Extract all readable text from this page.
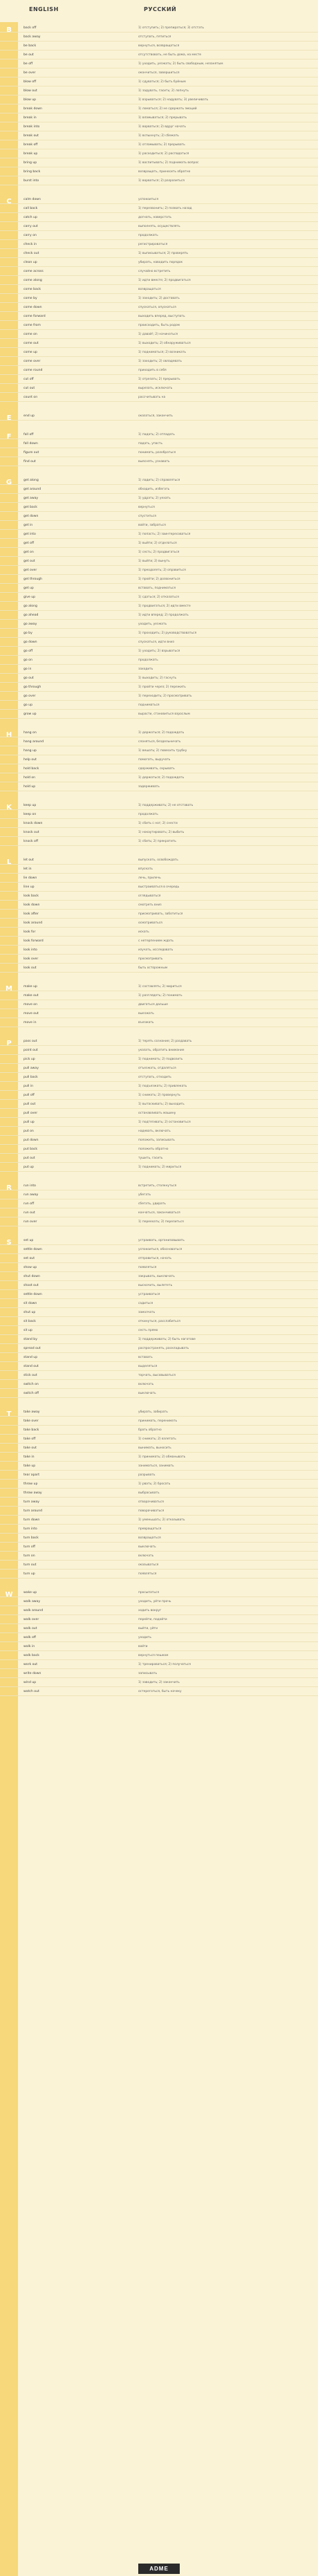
ENGLISH	РУССКИЙ
B	back off	1) отступить; 2) препираться; 3) отстать
back away	отступать, пятиться
be back	вернуться, возвращаться
be out	отсутствовать, не быть дома, на месте
be off	1) уходить, уезжать; 2) быть свободным, незанятым
be over	окончиться, завершиться
blow off	1) сдуваться; 2) быть буйным
blow out	1) задувать, гасить; 2) лопнуть
blow up	1) взрываться; 2) надувать; 3) увеличивать
break down	1) ломаться; 2) не сдержать эмоций
break in	1) вламываться; 2) прерывать
break into	1) ворваться; 2) вдруг начать
break out	1) вспыхнуть; 2) сбежать
break off	1) отламывать; 2) прерывать
break up	1) расходиться; 2) распадаться
bring up	1) воспитывать; 2) поднимать вопрос
bring back	возвращать, приносить обратно
burst into	1) ворваться; 2) разразиться
C	calm down	успокоиться
call back	1) перезвонить; 2) позвать назад
catch up	догнать, наверстать
carry out	выполнять, осуществлять
carry on	продолжать
check in	регистрироваться
check out	1) выписываться; 2) проверять
clean up	убирать, наводить порядок
come across	случайно встретить
come along	1) идти вместе; 2) продвигаться
come back	возвращаться
come by	1) заходить; 2) доставать
come down	спускаться, опускаться
come forward	выходить вперед, выступать
come from	происходить, быть родом
come on	1) давай!; 2) начинаться
come out	1) выходить; 2) обнаруживаться
come up	1) подниматься; 2) возникать
come over	1) заходить; 2) овладевать
come round	приходить в себя
cut off	1) отрезать; 2) прерывать
cut out	вырезать, исключать
count on	рассчитывать на
E	end up	оказаться, закончить
F	fall off	1) падать; 2) отпадать
fall down	падать, упасть
figure out	понимать, разобраться
find out	выяснять, узнавать
G	get along	1) ладить; 2) справляться
get around	обходить, избегать
get away	1) удрать; 2) уехать
get back	вернуться
get down	спуститься
get in	войти, забраться
get into	1) попасть; 2) заинтересоваться
get off	1) выйти; 2) отделаться
get on	1) сесть; 2) продвигаться
get out	1) выйти; 2) вынуть
get over	1) преодолеть; 2) оправиться
get through	1) пройти; 2) дозвониться
get up	вставать, подниматься
give up	1) сдаться; 2) отказаться
go along	1) продвигаться; 2) идти вместе
go ahead	1) идти вперед; 2) продолжать
go away	уходить, уезжать
go by	1) проходить; 2) руководствоваться
go down	спускаться, идти вниз
go off	1) уходить; 2) взрываться
go on	продолжать
go in	заходить
go out	1) выходить; 2) гаснуть
go through	1) пройти через; 2) пережить
go over	1) переходить; 2) просматривать
go up	подниматься
grow up	вырасти, становиться взрослым
H	hang on	1) держаться; 2) подождать
hang around	слоняться, бездельничать
hang up	1) вешать; 2) повесить трубку
help out	помогать, выручать
hold back	сдерживать, скрывать
hold on	1) держаться; 2) подождать
hold up	задерживать
K	keep up	1) поддерживать; 2) не отставать
keep on	продолжать
knock down	1) сбить с ног; 2) снести
knock out	1) нокаутировать; 2) выбить
knock off	1) сбить; 2) прекратить
L	let out	выпускать, освобождать
let in	впускать
lie down	лечь, прилечь
line up	выстраиваться в очередь
look back	оглядываться
look down	смотреть вниз
look after	присматривать, заботиться
look around	осматриваться
look for	искать
look forward	с нетерпением ждать
look into	изучать, исследовать
look over	просматривать
look out	быть осторожным
M	make up	1) составлять; 2) мириться
make out	1) разглядеть; 2) понимать
move on	двигаться дальше
move out	выезжать
move in	въезжать
P	pass out	1) терять сознание; 2) раздавать
point out	указать, обратить внимание
pick up	1) поднимать; 2) подвозить
pull away	отъезжать, отдаляться
pull back	отступать, отходить
pull in	1) подъезжать; 2) привлекать
pull off	1) снимать; 2) провернуть
pull out	1) вытаскивать; 2) выходить
pull over	останавливать машину
pull up	1) подтягивать; 2) остановиться
put on	надевать, включать
put down	положить, записывать
put back	положить обратно
put out	тушить, гасить
put up	1) поднимать; 2) мириться
R	run into	встретить, столкнуться
run away	убегать
run off	сбегать, удирать
run out	кончаться, заканчиваться
run over	1) переехать; 2) перелиться
S	set up	устраивать, организовывать
settle down	успокоиться, обосноваться
set out	отправиться, начать
show up	появляться
shut down	закрывать, выключать
shoot out	выскочить, вылететь
settle down	устраиваться
sit down	садиться
shut up	замолчать
sit back	откинуться, расслабиться
sit up	сесть прямо
stand by	1) поддерживать; 2) быть наготове
spread out	распространять, раскладывать
stand up	вставать
stand out	выделяться
stick out	торчать, высовываться
switch on	включать
switch off	выключать
T	take away	убирать, забирать
take over	принимать, перенимать
take back	брать обратно
take off	1) снимать; 2) взлетать
take out	вынимать, выносить
take in	1) принимать; 2) обманывать
take up	заниматься, занимать
tear apart	разрывать
throw up	1) рвать; 2) бросать
throw away	выбрасывать
turn away	отворачиваться
turn around	поворачиваться
turn down	1) уменьшать; 2) отказывать
turn into	превращаться
turn back	возвращаться
turn off	выключать
turn on	включать
turn out	оказываться
turn up	появляться
W	wake up	просыпаться
walk away	уходить, уйти прочь
walk around	ходить вокруг
walk over	перейти, подойти
walk out	выйти, уйти
walk off	уходить
walk in	войти
walk back	вернуться пешком
work out	1) тренироваться; 2) получаться
write down	записывать
wind up	1) заводить; 2) закончить
watch out	остерегаться, быть начеку
ADME
